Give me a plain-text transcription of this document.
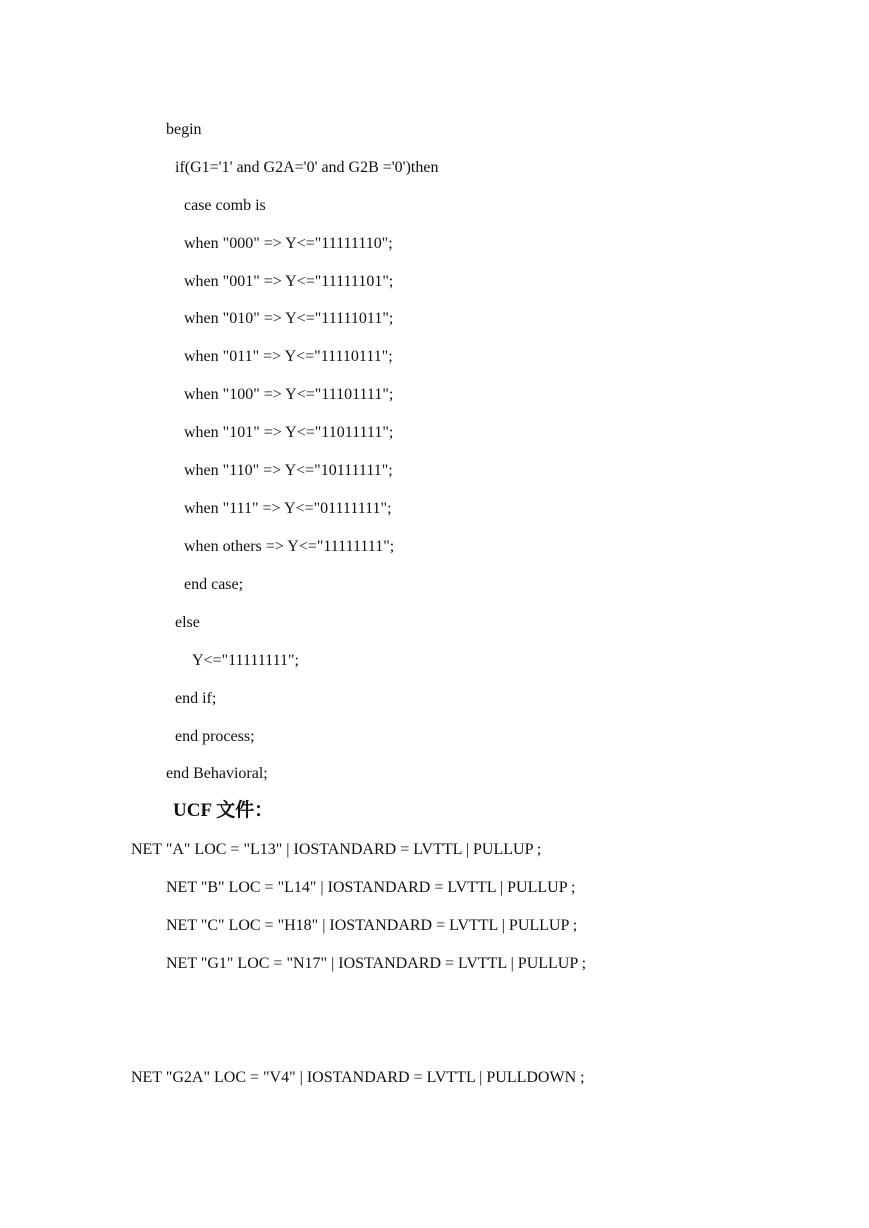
begin
if(G1='1' and G2A='0' and G2B ='0')then
case comb is
when "000" => Y<="11111110";
when "001" => Y<="11111101";
when "010" => Y<="11111011";
when "011" => Y<="11110111";
when "100" => Y<="11101111";
when "101" => Y<="11011111";
when "110" => Y<="10111111";
when "111" => Y<="01111111";
when others => Y<="11111111";
end case;
else
Y<="11111111";
end if;
end process;
end Behavioral;
UCF 文件：
NET "A" LOC = "L13" | IOSTANDARD = LVTTL | PULLUP ;
NET "B" LOC = "L14" | IOSTANDARD = LVTTL | PULLUP ;
NET "C" LOC = "H18" | IOSTANDARD = LVTTL | PULLUP ;
NET "G1" LOC = "N17" | IOSTANDARD = LVTTL | PULLUP ;
NET "G2A" LOC = "V4" | IOSTANDARD = LVTTL | PULLDOWN ;
